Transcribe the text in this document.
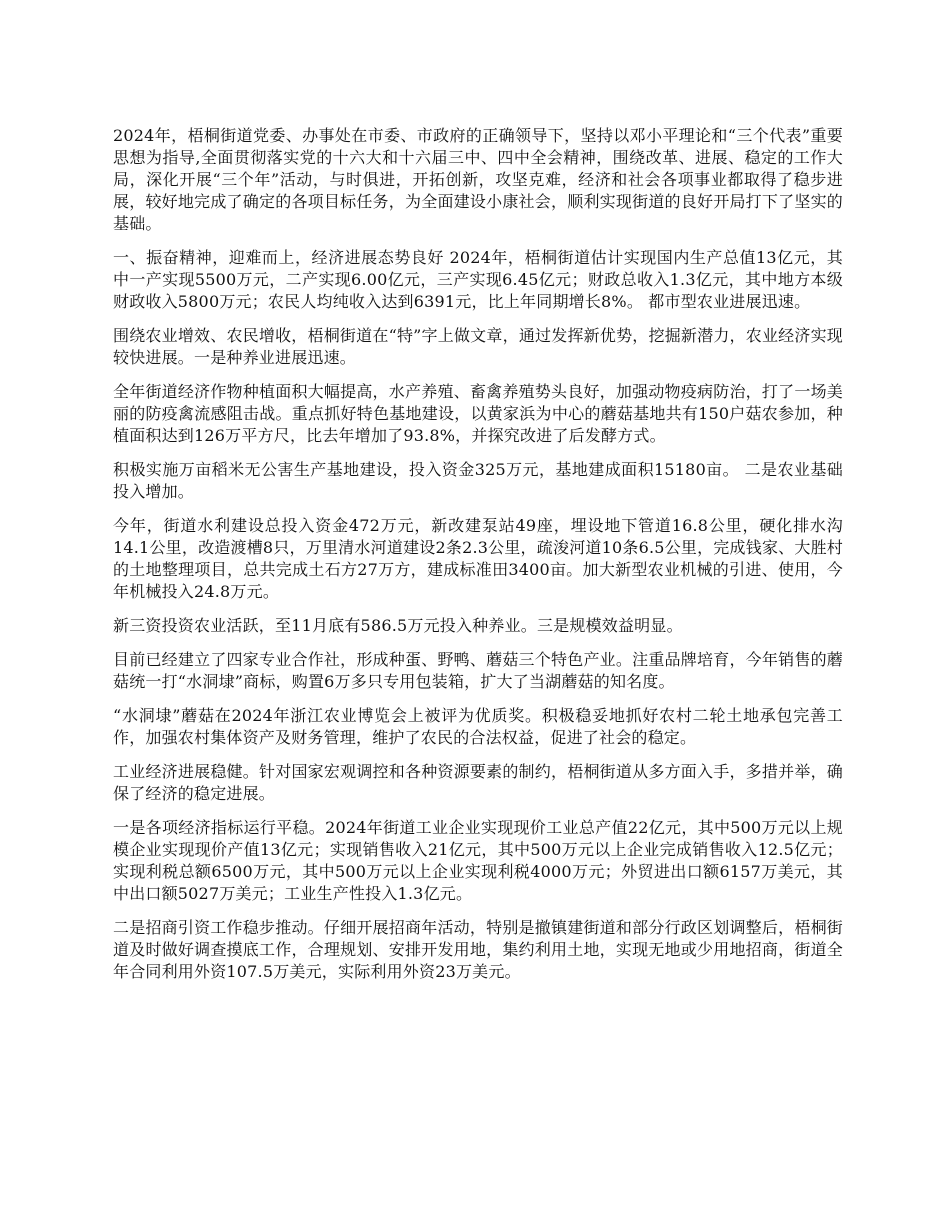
2024年，梧桐街道党委、办事处在市委、市政府的正确领导下，坚持以邓小平理论和“三个代表”重要思想为指导,全面贯彻落实党的十六大和十六届三中、四中全会精神，围绕改革、进展、稳定的工作大局，深化开展“三个年”活动，与时俱进，开拓创新，攻坚克难，经济和社会各项事业都取得了稳步进展，较好地完成了确定的各项目标任务，为全面建设小康社会，顺利实现街道的良好开局打下了坚实的基础。

一、振奋精神，迎难而上，经济进展态势良好 2024年，梧桐街道估计实现国内生产总值13亿元，其中一产实现5500万元，二产实现6.00亿元，三产实现6.45亿元；财政总收入1.3亿元，其中地方本级财政收入5800万元；农民人均纯收入达到6391元，比上年同期增长8%。 都市型农业进展迅速。

围绕农业增效、农民增收，梧桐街道在“特”字上做文章，通过发挥新优势，挖掘新潜力，农业经济实现较快进展。一是种养业进展迅速。

全年街道经济作物种植面积大幅提高，水产养殖、畜禽养殖势头良好，加强动物疫病防治，打了一场美丽的防疫禽流感阻击战。重点抓好特色基地建设，以黄家浜为中心的蘑菇基地共有150户菇农参加，种植面积达到126万平方尺，比去年增加了93.8%，并探究改进了后发酵方式。

积极实施万亩稻米无公害生产基地建设，投入资金325万元，基地建成面积15180亩。 二是农业基础投入增加。

今年，街道水利建设总投入资金472万元，新改建泵站49座，埋设地下管道16.8公里，硬化排水沟14.1公里，改造渡槽8只，万里清水河道建设2条2.3公里，疏浚河道10条6.5公里，完成钱家、大胜村的土地整理项目，总共完成土石方27万方，建成标准田3400亩。加大新型农业机械的引进、使用，今年机械投入24.8万元。

新三资投资农业活跃，至11月底有586.5万元投入种养业。三是规模效益明显。

目前已经建立了四家专业合作社，形成种蛋、野鸭、蘑菇三个特色产业。注重品牌培育，今年销售的蘑菇统一打“水洞埭”商标，购置6万多只专用包装箱，扩大了当湖蘑菇的知名度。

“水洞埭”蘑菇在2024年浙江农业博览会上被评为优质奖。积极稳妥地抓好农村二轮土地承包完善工作，加强农村集体资产及财务管理，维护了农民的合法权益，促进了社会的稳定。

工业经济进展稳健。针对国家宏观调控和各种资源要素的制约，梧桐街道从多方面入手，多措并举，确保了经济的稳定进展。

一是各项经济指标运行平稳。2024年街道工业企业实现现价工业总产值22亿元，其中500万元以上规模企业实现现价产值13亿元；实现销售收入21亿元，其中500万元以上企业完成销售收入12.5亿元；实现利税总额6500万元，其中500万元以上企业实现利税4000万元；外贸进出口额6157万美元，其中出口额5027万美元；工业生产性投入1.3亿元。

二是招商引资工作稳步推动。仔细开展招商年活动，特别是撤镇建街道和部分行政区划调整后，梧桐街道及时做好调查摸底工作，合理规划、安排开发用地，集约利用土地，实现无地或少用地招商，街道全年合同利用外资107.5万美元，实际利用外资23万美元。
